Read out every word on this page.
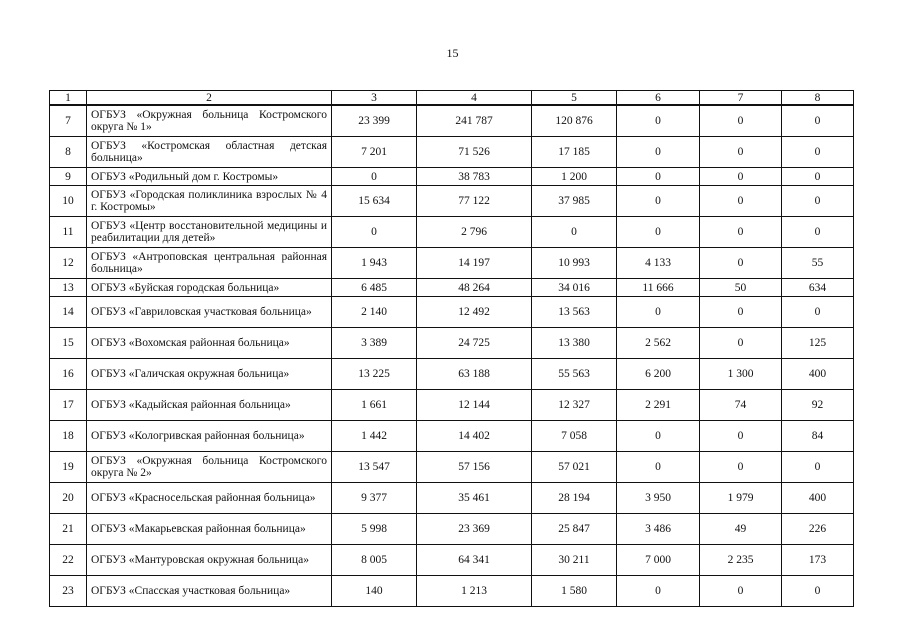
15
1	2	3	4	5	6	7	8
7	ОГБУЗ «Окружная больница Костромского округа № 1»	23 399	241 787	120 876	0	0	0
8	ОГБУЗ «Костромская областная детская больница»	7 201	71 526	17 185	0	0	0
9	ОГБУЗ «Родильный дом г. Костромы»	0	38 783	1 200	0	0	0
10	ОГБУЗ «Городская поликлиника взрослых № 4 г. Костромы»	15 634	77 122	37 985	0	0	0
11	ОГБУЗ «Центр восстановительной медицины и реабилитации для детей»	0	2 796	0	0	0	0
12	ОГБУЗ «Антроповская центральная районная больница»	1 943	14 197	10 993	4 133	0	55
13	ОГБУЗ «Буйская городская больница»	6 485	48 264	34 016	11 666	50	634
14	ОГБУЗ «Гавриловская участковая больница»	2 140	12 492	13 563	0	0	0
15	ОГБУЗ «Вохомская районная больница»	3 389	24 725	13 380	2 562	0	125
16	ОГБУЗ «Галичская окружная больница»	13 225	63 188	55 563	6 200	1 300	400
17	ОГБУЗ «Кадыйская районная больница»	1 661	12 144	12 327	2 291	74	92
18	ОГБУЗ «Кологривская районная больница»	1 442	14 402	7 058	0	0	84
19	ОГБУЗ «Окружная больница Костромского округа № 2»	13 547	57 156	57 021	0	0	0
20	ОГБУЗ «Красносельская районная больница»	9 377	35 461	28 194	3 950	1 979	400
21	ОГБУЗ «Макарьевская районная больница»	5 998	23 369	25 847	3 486	49	226
22	ОГБУЗ «Мантуровская окружная больница»	8 005	64 341	30 211	7 000	2 235	173
23	ОГБУЗ «Спасская участковая больница»	140	1 213	1 580	0	0	0
